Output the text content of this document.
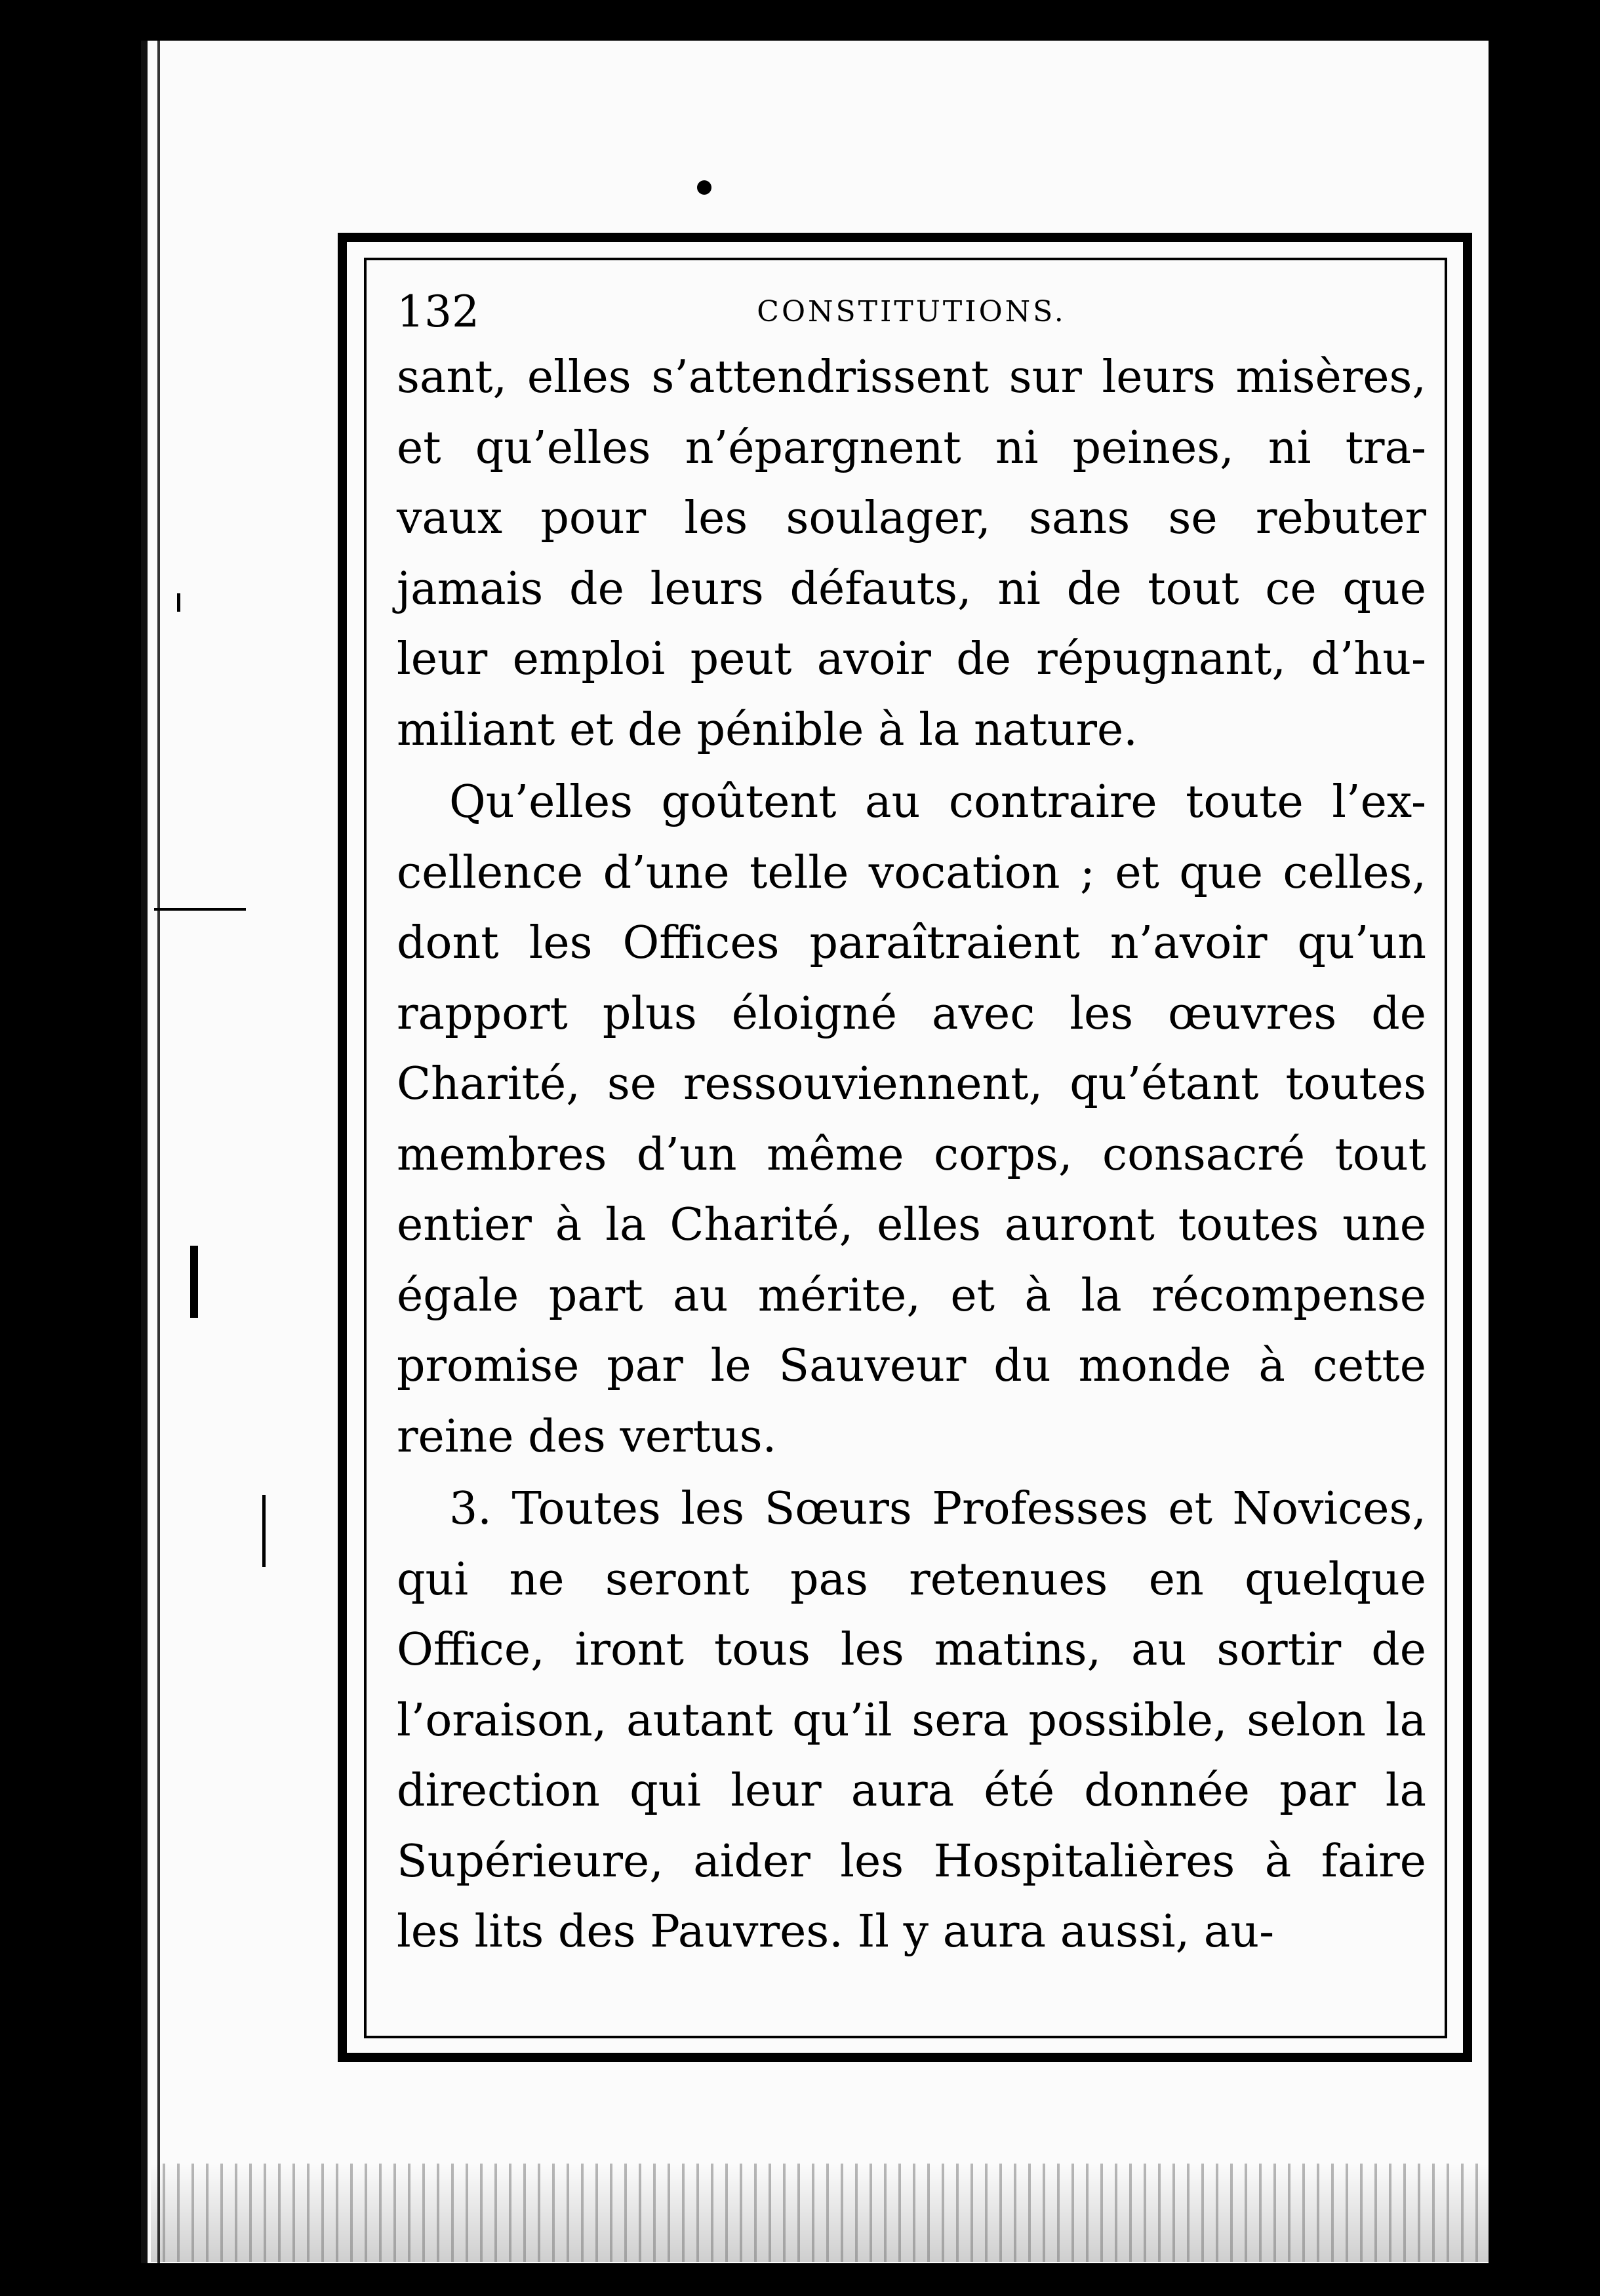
132	CONSTITUTIONS.

sant, elles s’attendrissent sur leurs misères,
et qu’elles n’épargnent ni peines, ni tra-
vaux pour les soulager, sans se rebuter
jamais de leurs défauts, ni de tout ce que
leur emploi peut avoir de répugnant, d’hu-
miliant et de pénible à la nature.

Qu’elles goûtent au contraire toute l’ex-
cellence d’une telle vocation ; et que celles,
dont les Offices paraîtraient n’avoir qu’un
rapport plus éloigné avec les œuvres de
Charité, se ressouviennent, qu’étant toutes
membres d’un même corps, consacré tout
entier à la Charité, elles auront toutes une
égale part au mérite, et à la récompense
promise par le Sauveur du monde à cette
reine des vertus.

3. Toutes les Sœurs Professes et Novices,
qui ne seront pas retenues en quelque
Office, iront tous les matins, au sortir de
l’oraison, autant qu’il sera possible, selon la
direction qui leur aura été donnée par la
Supérieure, aider les Hospitalières à faire
les lits des Pauvres. Il y aura aussi, au-
